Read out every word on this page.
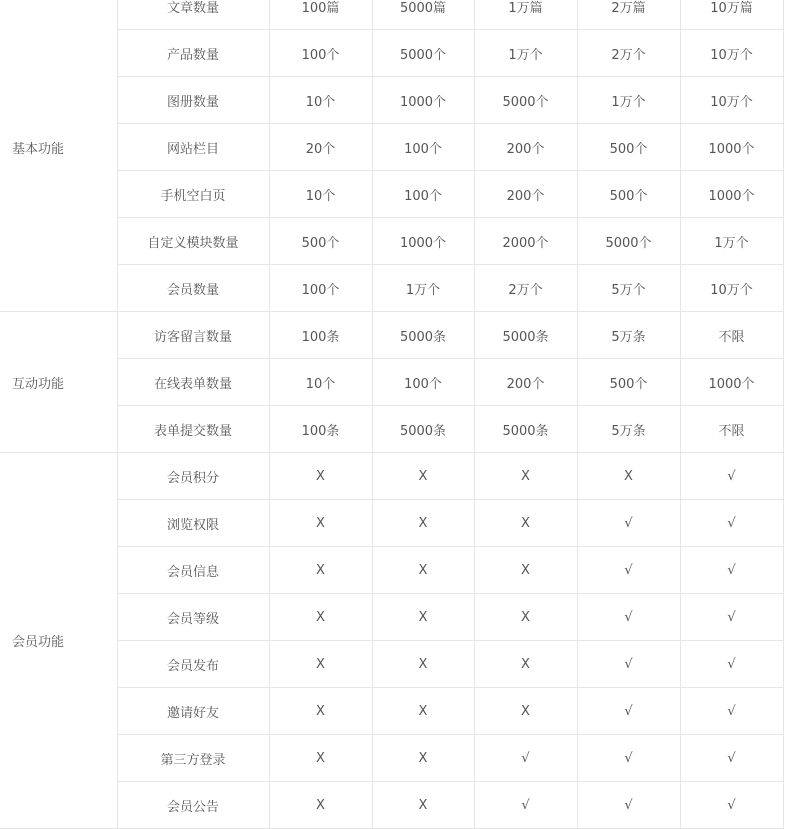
基本功能	文章数量	100篇	5000篇	1万篇	2万篇	10万篇
	产品数量	100个	5000个	1万个	2万个	10万个
	图册数量	10个	1000个	5000个	1万个	10万个
	网站栏目	20个	100个	200个	500个	1000个
	手机空白页	10个	100个	200个	500个	1000个
	自定义模块数量	500个	1000个	2000个	5000个	1万个
	会员数量	100个	1万个	2万个	5万个	10万个
互动功能	访客留言数量	100条	5000条	5000条	5万条	不限
	在线表单数量	10个	100个	200个	500个	1000个
	表单提交数量	100条	5000条	5000条	5万条	不限
会员功能	会员积分	X	X	X	X	√
	浏览权限	X	X	X	√	√
	会员信息	X	X	X	√	√
	会员等级	X	X	X	√	√
	会员发布	X	X	X	√	√
	邀请好友	X	X	X	√	√
	第三方登录	X	X	√	√	√
	会员公告	X	X	√	√	√
